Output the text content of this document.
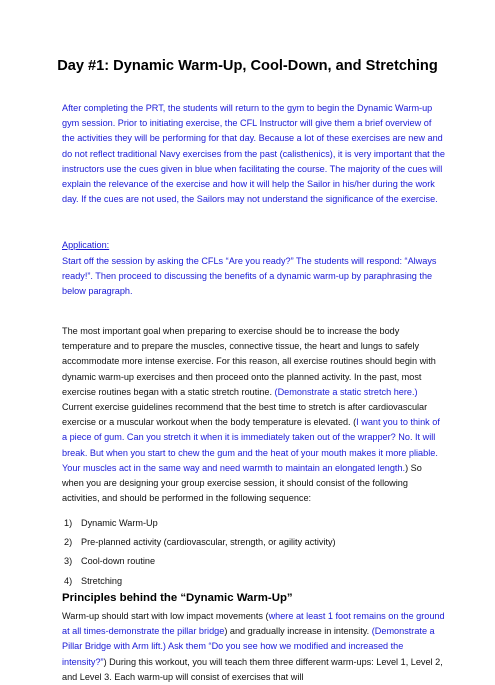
Day #1: Dynamic Warm-Up, Cool-Down, and Stretching

After completing the PRT, the students will return to the gym to begin the Dynamic Warm-up gym session. Prior to initiating exercise, the CFL Instructor will give them a brief overview of the activities they will be performing for that day. Because a lot of these exercises are new and do not reflect traditional Navy exercises from the past (calisthenics), it is very important that the instructors use the cues given in blue when facilitating the course. The majority of the cues will explain the relevance of the exercise and how it will help the Sailor in his/her during the work day. If the cues are not used, the Sailors may not understand the significance of the exercise.

Application:

Start off the session by asking the CFLs “Are you ready?” The students will respond: “Always ready!”. Then proceed to discussing the benefits of a dynamic warm-up by paraphrasing the below paragraph.

The most important goal when preparing to exercise should be to increase the body temperature and to prepare the muscles, connective tissue, the heart and lungs to safely accommodate more intense exercise. For this reason, all exercise routines should begin with dynamic warm-up exercises and then proceed onto the planned activity. In the past, most exercise routines began with a static stretch routine. (Demonstrate a static stretch here.) Current exercise guidelines recommend that the best time to stretch is after cardiovascular exercise or a muscular workout when the body temperature is elevated. (I want you to think of a piece of gum. Can you stretch it when it is immediately taken out of the wrapper? No. It will break. But when you start to chew the gum and the heat of your mouth makes it more pliable. Your muscles act in the same way and need warmth to maintain an elongated length.) So when you are designing your group exercise session, it should consist of the following activities, and should be performed in the following sequence:

1) Dynamic Warm-Up
2) Pre-planned activity (cardiovascular, strength, or agility activity)
3) Cool-down routine
4) Stretching
Principles behind the “Dynamic Warm-Up”

Warm-up should start with low impact movements (where at least 1 foot remains on the ground at all times-demonstrate the pillar bridge) and gradually increase in intensity. (Demonstrate a Pillar Bridge with Arm lift.) Ask them “Do you see how we modified and increased the intensity?”) During this workout, you will teach them three different warm-ups: Level 1, Level 2, and Level 3. Each warm-up will consist of exercises that will
